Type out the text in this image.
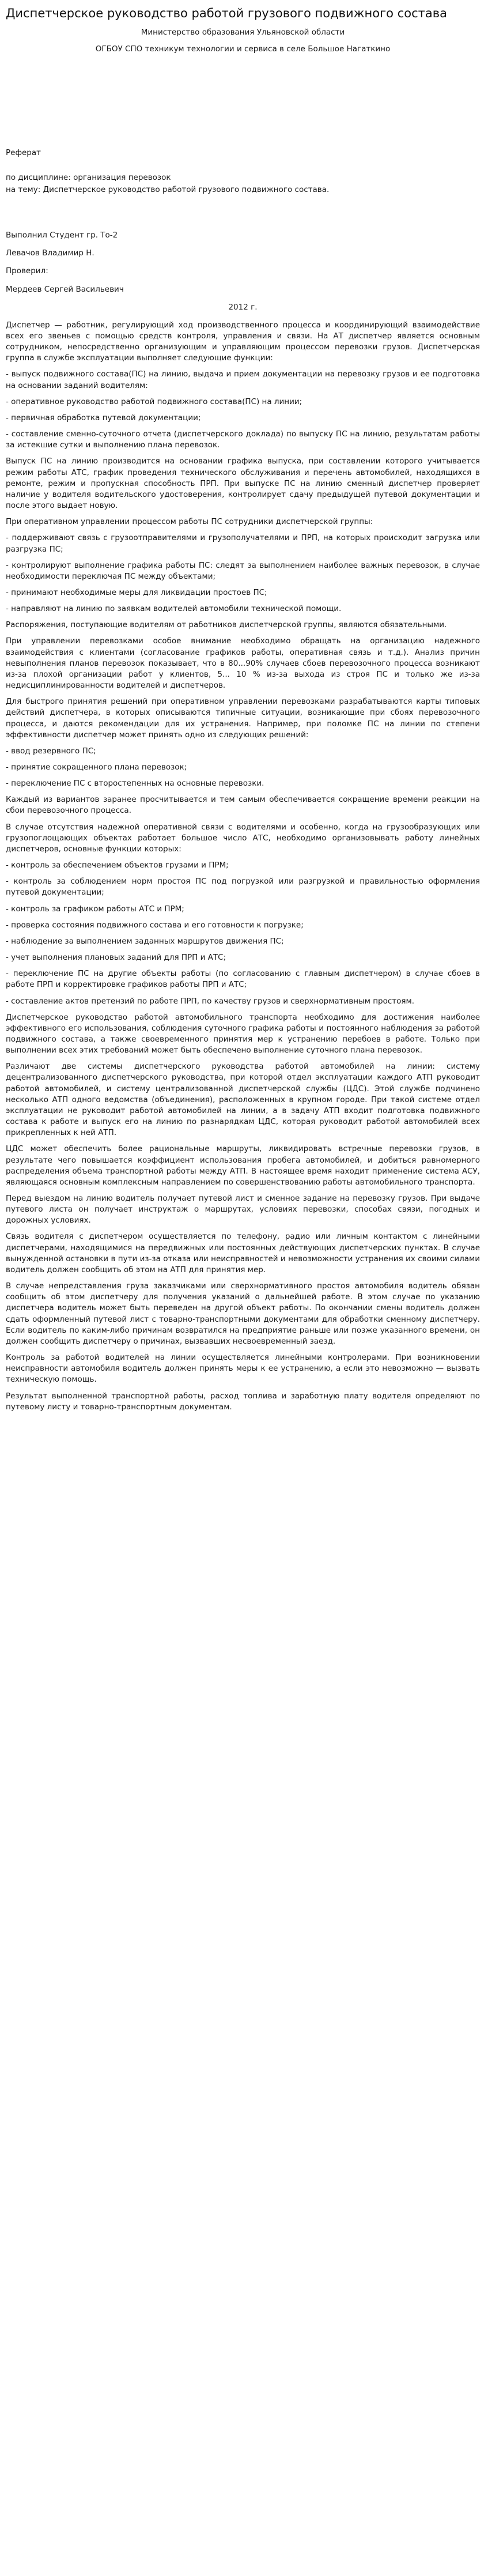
Диспетчерское руководство работой грузового подвижного состава
Министерство образования Ульяновской области
ОГБОУ СПО техникум технологии и сервиса в селе Большое Нагаткино

Реферат

по дисциплине: организация перевозок

на тему: Диспетчерское руководство работой грузового подвижного состава.

Выполнил Студент гр. То-2

Левачов Владимир Н.

Проверил:

Мердеев Сергей Васильевич

2012 г.

Диспетчер — работник, регулирующий ход производственного процесса и координирующий взаимодействие всех его звеньев с помощью средств контроля, управления и связи. На АТ диспетчер является основным сотрудником, непосредственно организующим и управляющим процессом перевозки грузов. Диспетчерская группа в службе эксплуатации выполняет следующие функции:

- выпуск подвижного состава(ПС) на линию, выдача и прием документации на перевозку грузов и ее подготовка на основании заданий водителям:

- оперативное руководство работой подвижного состава(ПС) на линии;

- первичная обработка путевой документации;

- составление сменно-суточного отчета (диспетчерского доклада) по выпуску ПС на линию, результатам работы за истекшие сутки и выполнению плана перевозок.

Выпуск ПС на линию производится на основании графика выпуска, при составлении которого учитывается режим работы АТС, график проведения технического обслуживания и перечень автомобилей, находящихся в ремонте, режим и пропускная способность ПРП. При выпуске ПС на линию сменный диспетчер проверяет наличие у водителя водительского удостоверения, контролирует сдачу предыдущей путевой документации и после этого выдает новую.

При оперативном управлении процессом работы ПС сотрудники диспетчерской группы:

- поддерживают связь с грузоотправителями и грузополучателями и ПРП, на которых происходит загрузка или разгрузка ПС;

- контролируют выполнение графика работы ПС: следят за выполнением наиболее важных перевозок, в случае необходимости переключая ПС между объектами;

- принимают необходимые меры для ликвидации простоев ПС;

- направляют на линию по заявкам водителей автомобили технической помощи.

Распоряжения, поступающие водителям от работников диспетчерской группы, являются обязательными.

При управлении перевозками особое внимание необходимо обращать на организацию надежного взаимодействия с клиентами (согласование графиков работы, оперативная связь и т.д.). Анализ причин невыполнения планов перевозок показывает, что в 80...90% случаев сбоев перевозочного процесса возникают из-за плохой организации работ у клиентов, 5... 10 % из-за выхода из строя ПС и только же из-за недисциплинированности водителей и диспетчеров.

Для быстрого принятия решений при оперативном управлении перевозками разрабатываются карты типовых действий диспетчера, в которых описываются типичные ситуации, возникающие при сбоях перевозочного процесса, и даются рекомендации для их устранения. Например, при поломке ПС на линии по степени эффективности диспетчер может принять одно из следующих решений:

- ввод резервного ПС;

- принятие сокращенного плана перевозок;

- переключение ПС с второстепенных на основные перевозки.

Каждый из вариантов заранее просчитывается и тем самым обеспечивается сокращение времени реакции на сбои перевозочного процесса.

В случае отсутствия надежной оперативной связи с водителями и особенно, когда на грузообразующих или грузопоглощающих объектах работает большое число АТС, необходимо организовывать работу линейных диспетчеров, основные функции которых:

- контроль за обеспечением объектов грузами и ПРМ;

- контроль за соблюдением норм простоя ПС под погрузкой или разгрузкой и правильностью оформления путевой документации;

- контроль за графиком работы АТС и ПРМ;

- проверка состояния подвижного состава и его готовности к погрузке;

- наблюдение за выполнением заданных маршрутов движения ПС;

- учет выполнения плановых заданий для ПРП и АТС;

- переключение ПС на другие объекты работы (по согласованию с главным диспетчером) в случае сбоев в работе ПРП и корректировке графиков работы ПРП и АТС;

- составление актов претензий по работе ПРП, по качеству грузов и сверхнормативным простоям.

Диспетчерское руководство работой автомобильного транспорта необходимо для достижения наиболее эффективного его использования, соблюдения суточного графика работы и постоянного наблюдения за работой подвижного состава, а также своевременного принятия мер к устранению перебоев в работе. Только при выполнении всех этих требований может быть обеспечено выполнение суточного плана перевозок.

Различают две системы диспетчерского руководства работой автомобилей на линии: систему децентрализованного диспетчерского руководства, при которой отдел эксплуатации каждого АТП руководит работой автомобилей, и систему централизованной диспетчерской службы (ЦДС). Этой службе подчинено несколько АТП одного ведомства (объединения), расположенных в крупном городе. При такой системе отдел эксплуатации не руководит работой автомобилей на линии, а в задачу АТП входит подготовка подвижного состава к работе и выпуск его на линию по разнарядкам ЦДС, которая руководит работой автомобилей всех прикрепленных к ней АТП.

ЦДС может обеспечить более рациональные маршруты, ликвидировать встречные перевозки грузов, в результате чего повышается коэффициент использования пробега автомобилей, и добиться равномерного распределения объема транспортной работы между АТП. В настоящее время находит применение система АСУ, являющаяся основным комплексным направлением по совершенствованию работы автомобильного транспорта.

Перед выездом на линию водитель получает путевой лист и сменное задание на перевозку грузов. При выдаче путевого листа он получает инструктаж о маршрутах, условиях перевозки, способах связи, погодных и дорожных условиях.

Связь водителя с диспетчером осуществляется по телефону, радио или личным контактом с линейными диспетчерами, находящимися на передвижных или постоянных действующих диспетчерских пунктах. В случае вынужденной остановки в пути из-за отказа или неисправностей и невозможности устранения их своими силами водитель должен сообщить об этом на АТП для принятия мер.

В случае непредставления груза заказчиками или сверхнормативного простоя автомобиля водитель обязан сообщить об этом диспетчеру для получения указаний о дальнейшей работе. В этом случае по указанию диспетчера водитель может быть переведен на другой объект работы. По окончании смены водитель должен сдать оформленный путевой лист с товарно-транспортными документами для обработки сменному диспетчеру. Если водитель по каким-либо причинам возвратился на предприятие раньше или позже указанного времени, он должен сообщить диспетчеру о причинах, вызвавших несвоевременный заезд.

Контроль за работой водителей на линии осуществляется линейными контролерами. При возникновении неисправности автомобиля водитель должен принять меры к ее устранению, а если это невозможно — вызвать техническую помощь.

Результат выполненной транспортной работы, расход топлива и заработную плату водителя определяют по путевому листу и товарно-транспортным документам.
